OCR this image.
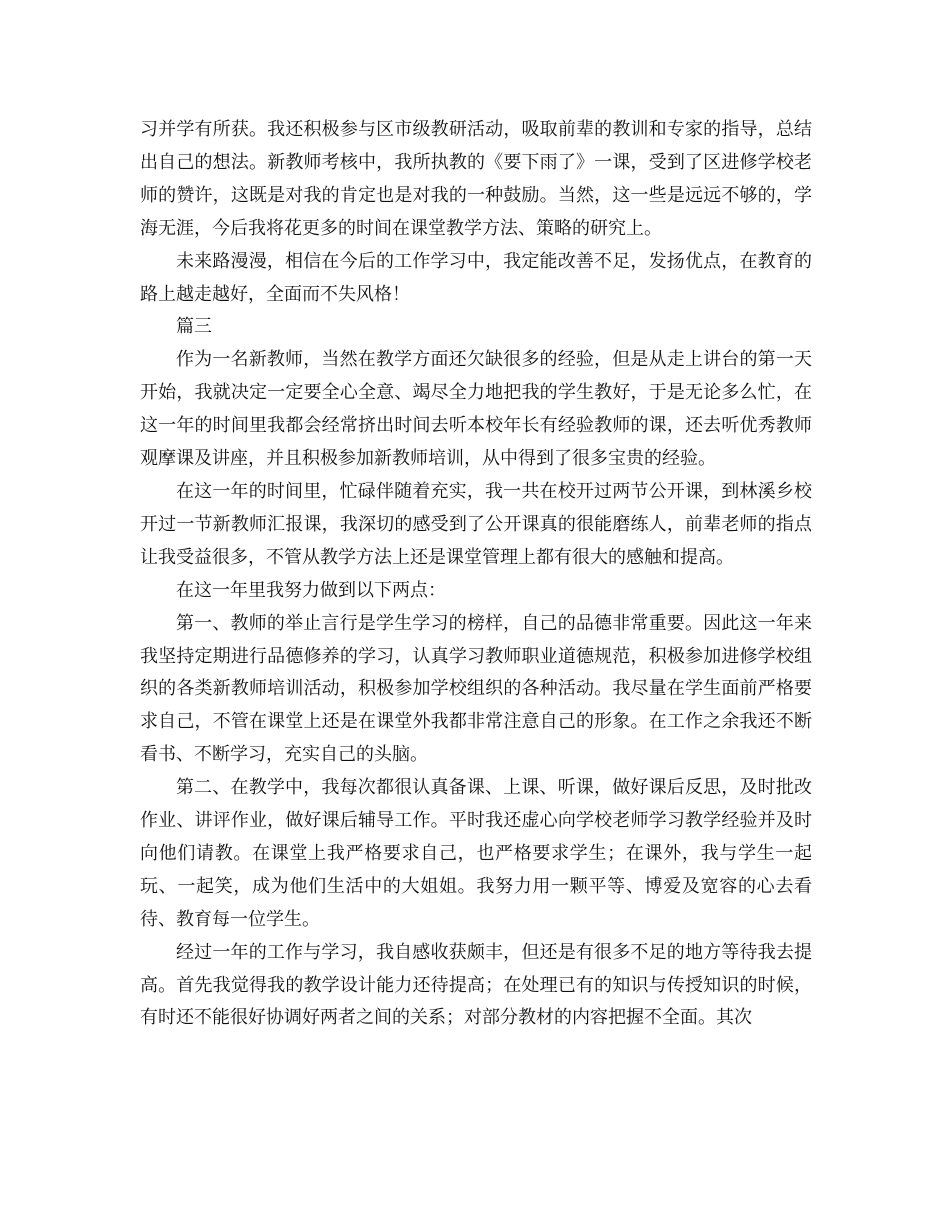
习并学有所获。我还积极参与区市级教研活动，吸取前辈的教训和专家的指导，总结出自己的想法。新教师考核中，我所执教的《要下雨了》一课，受到了区进修学校老师的赞许，这既是对我的肯定也是对我的一种鼓励。当然，这一些是远远不够的，学海无涯，今后我将花更多的时间在课堂教学方法、策略的研究上。

未来路漫漫，相信在今后的工作学习中，我定能改善不足，发扬优点，在教育的路上越走越好，全面而不失风格！

篇三

作为一名新教师，当然在教学方面还欠缺很多的经验，但是从走上讲台的第一天开始，我就决定一定要全心全意、竭尽全力地把我的学生教好，于是无论多么忙，在这一年的时间里我都会经常挤出时间去听本校年长有经验教师的课，还去听优秀教师观摩课及讲座，并且积极参加新教师培训，从中得到了很多宝贵的经验。

在这一年的时间里，忙碌伴随着充实，我一共在校开过两节公开课，到林溪乡校开过一节新教师汇报课，我深切的感受到了公开课真的很能磨练人，前辈老师的指点让我受益很多，不管从教学方法上还是课堂管理上都有很大的感触和提高。

在这一年里我努力做到以下两点：

第一、教师的举止言行是学生学习的榜样，自己的品德非常重要。因此这一年来我坚持定期进行品德修养的学习，认真学习教师职业道德规范，积极参加进修学校组织的各类新教师培训活动，积极参加学校组织的各种活动。我尽量在学生面前严格要求自己，不管在课堂上还是在课堂外我都非常注意自己的形象。在工作之余我还不断看书、不断学习，充实自己的头脑。

第二、在教学中，我每次都很认真备课、上课、听课，做好课后反思，及时批改作业、讲评作业，做好课后辅导工作。平时我还虚心向学校老师学习教学经验并及时向他们请教。在课堂上我严格要求自己，也严格要求学生；在课外，我与学生一起玩、一起笑，成为他们生活中的大姐姐。我努力用一颗平等、博爱及宽容的心去看待、教育每一位学生。

经过一年的工作与学习，我自感收获颇丰，但还是有很多不足的地方等待我去提高。首先我觉得我的教学设计能力还待提高；在处理已有的知识与传授知识的时候，有时还不能很好协调好两者之间的关系；对部分教材的内容把握不全面。其次
